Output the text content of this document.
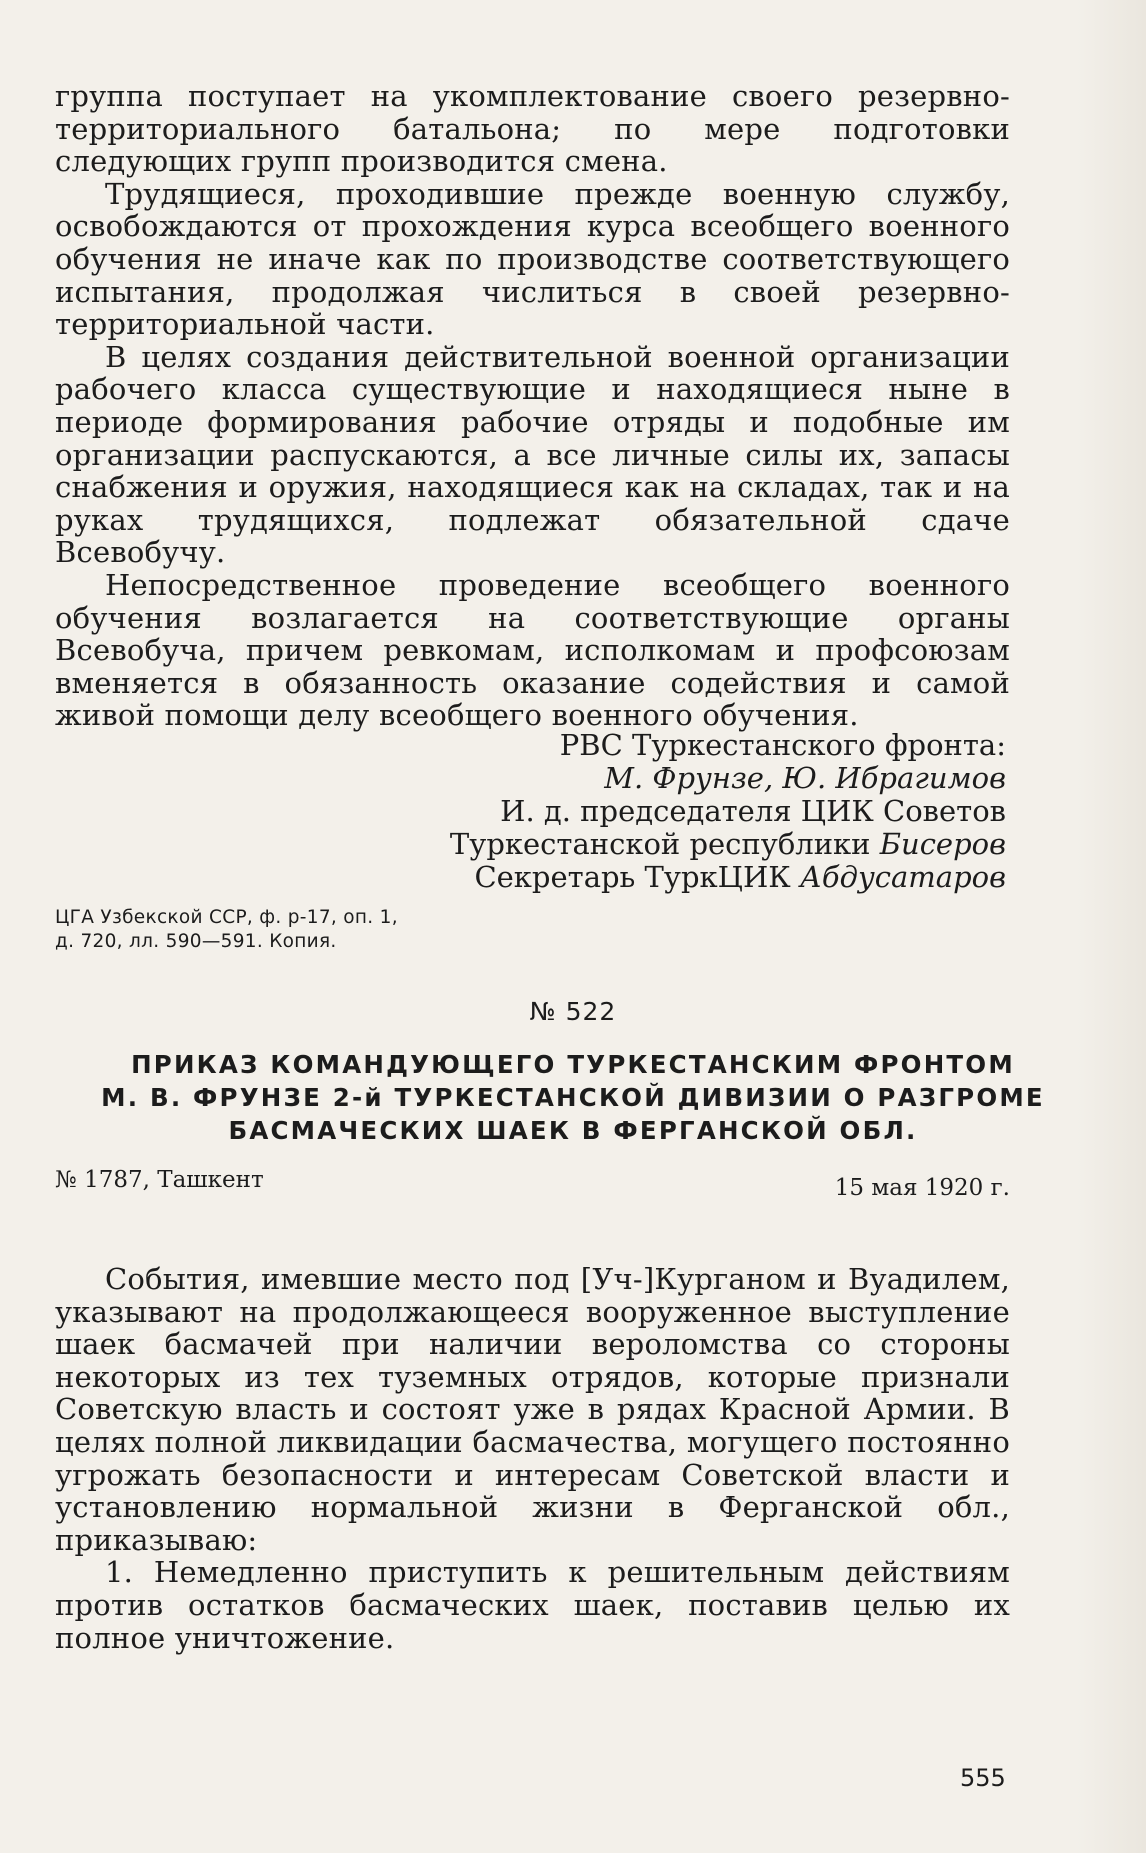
группа поступает на укомплектование своего резервно-территориального батальона; по мере подготовки следующих групп производится смена.

Трудящиеся, проходившие прежде военную службу, освобождаются от прохождения курса всеобщего военного обучения не иначе как по производстве соответствующего испытания, продолжая числиться в своей резервно-территориальной части.

В целях создания действительной военной организации рабочего класса существующие и находящиеся ныне в периоде формирования рабочие отряды и подобные им организации распускаются, а все личные силы их, запасы снабжения и оружия, находящиеся как на складах, так и на руках трудящихся, подлежат обязательной сдаче Всевобучу.

Непосредственное проведение всеобщего военного обучения возлагается на соответствующие органы Всевобуча, причем ревкомам, исполкомам и профсоюзам вменяется в обязанность оказание содействия и самой живой помощи делу всеобщего военного обучения.

РВС Туркестанского фронта:
М. Фрунзе, Ю. Ибрагимов
И. д. председателя ЦИК Советов
Туркестанской республики Бисеров
Секретарь ТуркЦИК Абдусатаров
ЦГА Узбекской ССР, ф. р-17, оп. 1,
д. 720, лл. 590—591. Копия.
№ 522
ПРИКАЗ КОМАНДУЮЩЕГО ТУРКЕСТАНСКИМ ФРОНТОМ
М. В. ФРУНЗЕ 2-й ТУРКЕСТАНСКОЙ ДИВИЗИИ О РАЗГРОМЕ
БАСМАЧЕСКИХ ШАЕК В ФЕРГАНСКОЙ ОБЛ.
№ 1787, Ташкент	15 мая 1920 г.

События, имевшие место под [Уч-]Курганом и Вуадилем, указывают на продолжающееся вооруженное выступление шаек басмачей при наличии вероломства со стороны некоторых из тех туземных отрядов, которые признали Советскую власть и состоят уже в рядах Красной Армии. В целях полной ликвидации басмачества, могущего постоянно угрожать безопасности и интересам Советской власти и установлению нормальной жизни в Ферганской обл., приказываю:

1. Немедленно приступить к решительным действиям против остатков басмаческих шаек, поставив целью их полное уничтожение.

555
